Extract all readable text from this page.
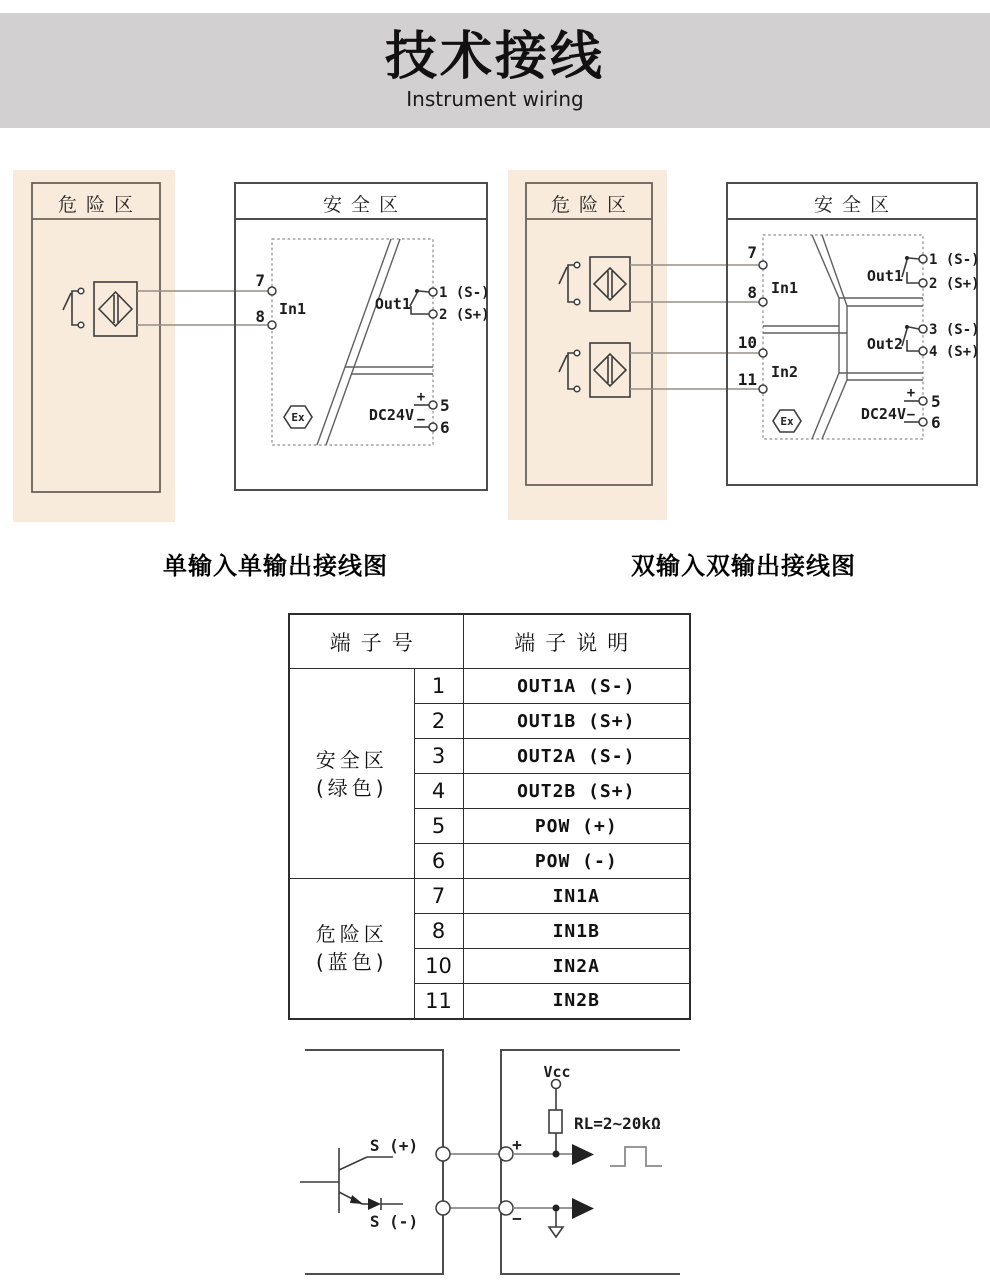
技术接线
Instrument wiring
危险区	安全区
7
8 In1	Out1
1 (S-)
2 (S+)
+
−
5
6
DC24V
Ex
危险区	安全区
7
8
10
11
In1
In2
Out1
1 (S-)
2 (S+)
Out2
3 (S-)
4 (S+)
+
−
5
6
DC24V
Ex
S (+)
S (-)
Vcc
RL=2~20kΩ
+
−
单输入单输出接线图	双输入双输出接线图
端子号		端子说明

安全区
(绿色)	1	OUT1A (S-)
	2	OUT1B (S+)
	3	OUT2A (S-)
	4	OUT2B (S+)
	5	POW (+)
	6	POW (-)

危险区
(蓝色)	7	IN1A
	8	IN1B
	10	IN2A
	11	IN2B
